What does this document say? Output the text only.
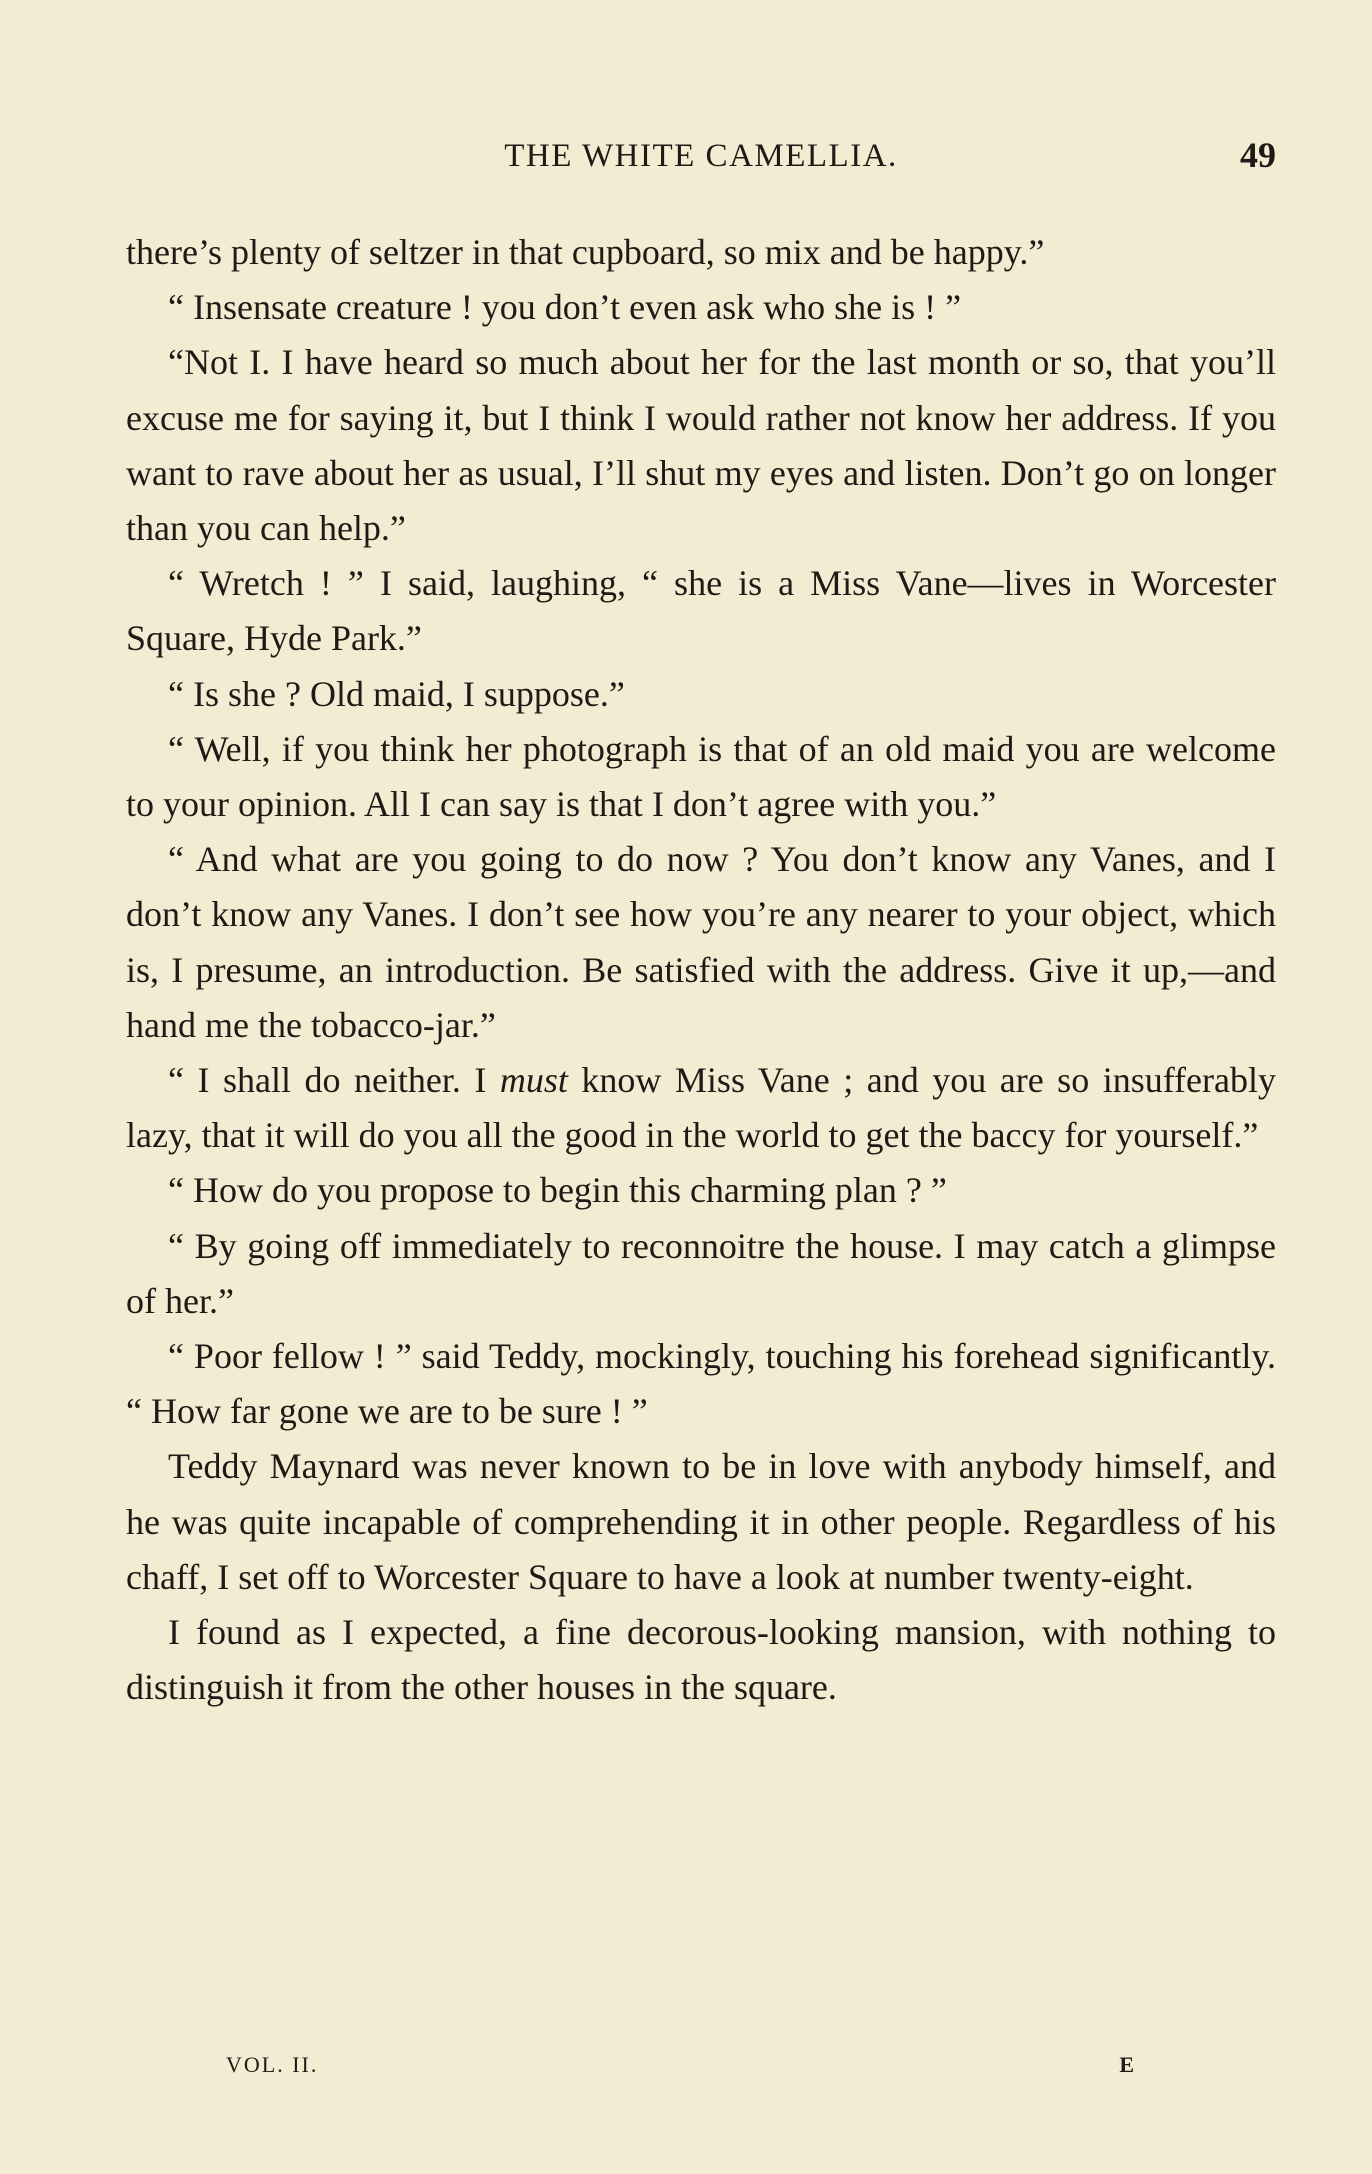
THE WHITE CAMELLIA.	49

there’s plenty of seltzer in that cupboard, so mix and be happy.”

“ Insensate creature ! you don’t even ask who she is ! ”

“Not I. I have heard so much about her for the last month or so, that you’ll excuse me for saying it, but I think I would rather not know her address. If you want to rave about her as usual, I’ll shut my eyes and listen. Don’t go on longer than you can help.”

“ Wretch ! ” I said, laughing, “ she is a Miss Vane—lives in Worcester Square, Hyde Park.”

“ Is she ? Old maid, I suppose.”

“ Well, if you think her photograph is that of an old maid you are welcome to your opinion. All I can say is that I don’t agree with you.”

“ And what are you going to do now ? You don’t know any Vanes, and I don’t know any Vanes. I don’t see how you’re any nearer to your object, which is, I presume, an introduction. Be satisfied with the address. Give it up,—and hand me the tobacco-jar.”

“ I shall do neither. I must know Miss Vane ; and you are so insufferably lazy, that it will do you all the good in the world to get the baccy for yourself.”

“ How do you propose to begin this charming plan ? ”

“ By going off immediately to reconnoitre the house. I may catch a glimpse of her.”

“ Poor fellow ! ” said Teddy, mockingly, touching his forehead significantly. “ How far gone we are to be sure ! ”

Teddy Maynard was never known to be in love with anybody himself, and he was quite incapable of comprehending it in other people. Regardless of his chaff, I set off to Worcester Square to have a look at number twenty-eight.

I found as I expected, a fine decorous-looking mansion, with nothing to distinguish it from the other houses in the square.

VOL. II.	E
